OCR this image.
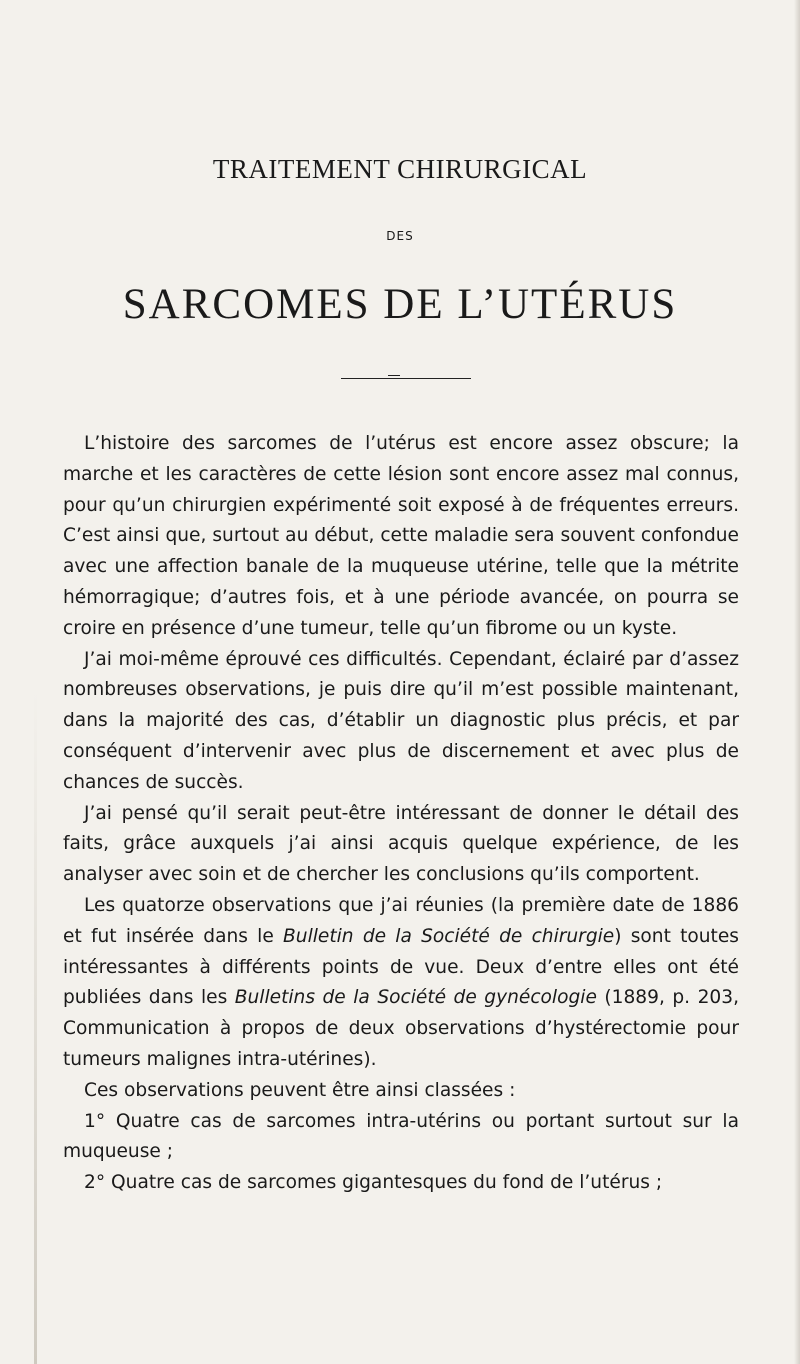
TRAITEMENT CHIRURGICAL
DES
SARCOMES DE L’UTÉRUS

L’histoire des sarcomes de l’utérus est encore assez obscure; la marche et les caractères de cette lésion sont encore assez mal connus, pour qu’un chirurgien expérimenté soit exposé à de fréquentes erreurs. C’est ainsi que, surtout au début, cette maladie sera souvent confondue avec une affection banale de la muqueuse utérine, telle que la métrite hémorragique; d’autres fois, et à une période avancée, on pourra se croire en présence d’une tumeur, telle qu’un fibrome ou un kyste.

J’ai moi-même éprouvé ces difficultés. Cependant, éclairé par d’assez nombreuses observations, je puis dire qu’il m’est possible maintenant, dans la majorité des cas, d’établir un diagnostic plus précis, et par conséquent d’intervenir avec plus de discernement et avec plus de chances de succès.

J’ai pensé qu’il serait peut-être intéressant de donner le détail des faits, grâce auxquels j’ai ainsi acquis quelque expérience, de les analyser avec soin et de chercher les conclusions qu’ils comportent.

Les quatorze observations que j’ai réunies (la première date de 1886 et fut insérée dans le Bulletin de la Société de chirurgie) sont toutes intéressantes à différents points de vue. Deux d’entre elles ont été publiées dans les Bulletins de la Société de gynécologie (1889, p. 203, Communication à propos de deux observations d’hystérectomie pour tumeurs malignes intra-utérines).

Ces observations peuvent être ainsi classées :

1° Quatre cas de sarcomes intra-utérins ou portant surtout sur la muqueuse ;

2° Quatre cas de sarcomes gigantesques du fond de l’utérus ;
